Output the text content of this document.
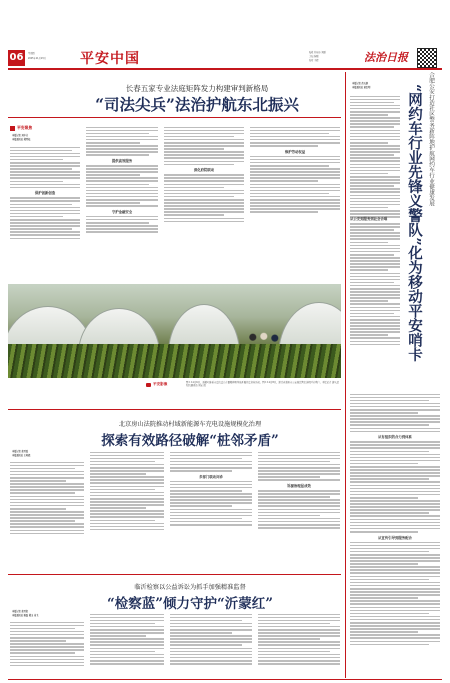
06	星期四
2025年11月13日 平安中国	编辑 韩冰冰 刘丽
美编 陈曦
校对 李建	法治日报
长春五家专业法庭矩阵发力构建审判新格局
“司法尖兵”法治护航东北振兴
平安聚焦
本报记者 刘中全
本报通讯员 郭青松
保护创新创造
提供高效服务
守护金融安全
深化府院联动
维护劳动权益
图① 11月6日，新疆吐鲁番市法院法官在葡萄种植基地开展普法宣传活动。图② 11月8日，浙江省湖州市公安局民警走访辖区养殖户。本报记者 潘从武 特约通讯员 刘宏 摄
平安影像
北京房山法院推动村域新能源车充电设施规模化治理
探索有效路径破解“桩邻矛盾”
本报记者 张雪泓
本报通讯员 王柯然
多部门联动问诊
诉源治理显成效
临沂检察以公益诉讼为抓手加强精准监督
“检察蓝”倾力守护“沂蒙红”
本报记者 张雪征
本报通讯员 陈磊 郭玉 宋飞
本报记者 范天娇
本报通讯员 黄红明	合肥公安打造社区警务新阵地护航网约车行业健康发展
“网约车行业先锋义警队”化为移动平安哨卡
从公安到服务到社会合唱
从有组织的合力到体系
从宣传引导到服务配合
